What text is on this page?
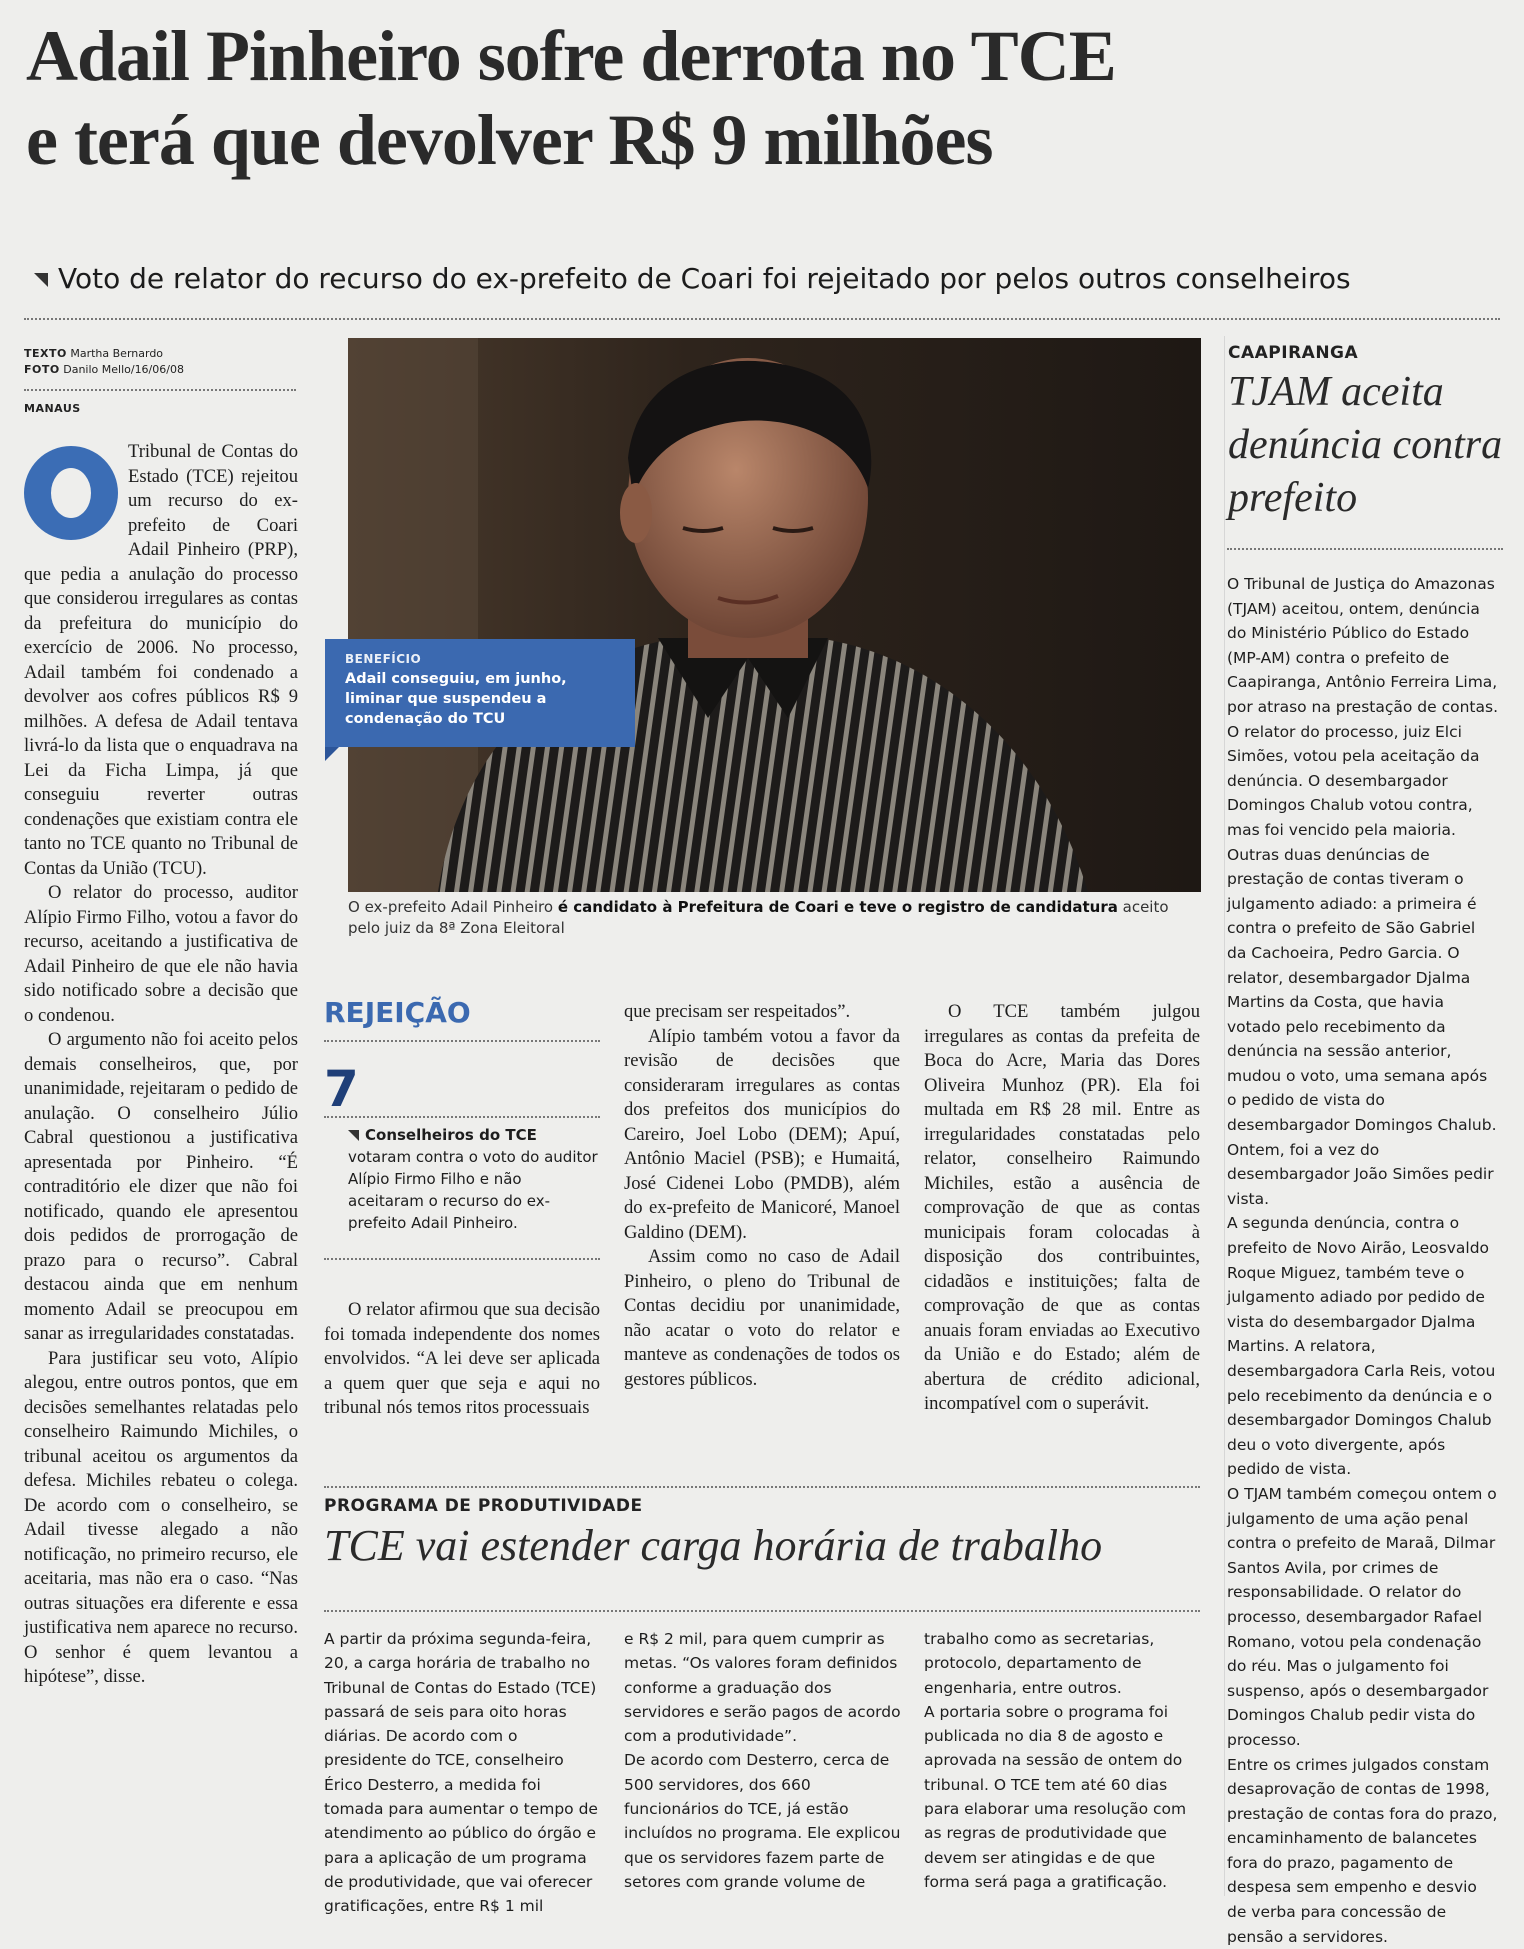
Adail Pinheiro sofre derrota no TCE
e terá que devolver R$ 9 milhões
Voto de relator do recurso do ex-prefeito de Coari foi rejeitado por pelos outros conselheiros
TEXTO Martha Bernardo
FOTO Danilo Mello/16/06/08
MANAUS

Tribunal de Contas do Estado (TCE) rejeitou um recurso do ex-prefeito de Coari Adail Pinheiro (PRP), que pedia a anulação do processo que considerou irregulares as contas da prefeitura do município do exercício de 2006. No processo, Adail também foi condenado a devolver aos cofres públicos R$ 9 milhões. A defesa de Adail tentava livrá-lo da lista que o enquadrava na Lei da Ficha Limpa, já que conseguiu reverter outras condenações que existiam contra ele tanto no TCE quanto no Tribunal de Contas da União (TCU).

O relator do processo, auditor Alípio Firmo Filho, votou a favor do recurso, aceitando a justificativa de Adail Pinheiro de que ele não havia sido notificado sobre a decisão que o condenou.

O argumento não foi aceito pelos demais conselheiros, que, por unanimidade, rejeitaram o pedido de anulação. O conselheiro Júlio Cabral questionou a justificativa apresentada por Pinheiro. “É contraditório ele dizer que não foi notificado, quando ele apresentou dois pedidos de prorrogação de prazo para o recurso”. Cabral destacou ainda que em nenhum momento Adail se preocupou em sanar as irregularidades constatadas.

Para justificar seu voto, Alípio alegou, entre outros pontos, que em decisões semelhantes relatadas pelo conselheiro Raimundo Michiles, o tribunal aceitou os argumentos da defesa. Michiles rebateu o colega. De acordo com o conselheiro, se Adail tivesse alegado a não notificação, no primeiro recurso, ele aceitaria, mas não era o caso. “Nas outras situações era diferente e essa justificativa nem aparece no recurso. O senhor é quem levantou a hipótese”, disse.

BENEFÍCIO
Adail conseguiu, em junho, liminar que suspendeu a condenação do TCU
O ex-prefeito Adail Pinheiro é candidato à Prefeitura de Coari e teve o registro de candidatura aceito pelo juiz da 8ª Zona Eleitoral
REJEIÇÃO
7
Conselheiros do TCE
votaram contra o voto do auditor Alípio Firmo Filho e não aceitaram o recurso do ex-prefeito Adail Pinheiro.

O relator afirmou que sua decisão foi tomada independente dos nomes envolvidos. “A lei deve ser aplicada a quem quer que seja e aqui no tribunal nós temos ritos processuais

que precisam ser respeitados”.

Alípio também votou a favor da revisão de decisões que consideraram irregulares as contas dos prefeitos dos municípios do Careiro, Joel Lobo (DEM); Apuí, Antônio Maciel (PSB); e Humaitá, José Cidenei Lobo (PMDB), além do ex-prefeito de Manicoré, Manoel Galdino (DEM).

Assim como no caso de Adail Pinheiro, o pleno do Tribunal de Contas decidiu por unanimidade, não acatar o voto do relator e manteve as condenações de todos os gestores públicos.

O TCE também julgou irregulares as contas da prefeita de Boca do Acre, Maria das Dores Oliveira Munhoz (PR). Ela foi multada em R$ 28 mil. Entre as irregularidades constatadas pelo relator, conselheiro Raimundo Michiles, estão a ausência de comprovação de que as contas municipais foram colocadas à disposição dos contribuintes, cidadãos e instituições; falta de comprovação de que as contas anuais foram enviadas ao Executivo da União e do Estado; além de abertura de crédito adicional, incompatível com o superávit.

PROGRAMA DE PRODUTIVIDADE
TCE vai estender carga horária de trabalho

A partir da próxima segunda-feira, 20, a carga horária de trabalho no Tribunal de Contas do Estado (TCE) passará de seis para oito horas diárias. De acordo com o presidente do TCE, conselheiro Érico Desterro, a medida foi tomada para aumentar o tempo de atendimento ao público do órgão e para a aplicação de um programa de produtividade, que vai oferecer gratificações, entre R$ 1 mil

e R$ 2 mil, para quem cumprir as metas. “Os valores foram definidos conforme a graduação dos servidores e serão pagos de acordo com a produtividade”.

De acordo com Desterro, cerca de 500 servidores, dos 660 funcionários do TCE, já estão incluídos no programa. Ele explicou que os servidores fazem parte de setores com grande volume de

trabalho como as secretarias, protocolo, departamento de engenharia, entre outros.

A portaria sobre o programa foi publicada no dia 8 de agosto e aprovada na sessão de ontem do tribunal. O TCE tem até 60 dias para elaborar uma resolução com as regras de produtividade que devem ser atingidas e de que forma será paga a gratificação.

CAAPIRANGA
TJAM aceita denúncia contra prefeito

O Tribunal de Justiça do Amazonas (TJAM) aceitou, ontem, denúncia do Ministério Público do Estado (MP-AM) contra o prefeito de Caapiranga, Antônio Ferreira Lima, por atraso na prestação de contas. O relator do processo, juiz Elci Simões, votou pela aceitação da denúncia. O desembargador Domingos Chalub votou contra, mas foi vencido pela maioria.

Outras duas denúncias de prestação de contas tiveram o julgamento adiado: a primeira é contra o prefeito de São Gabriel da Cachoeira, Pedro Garcia. O relator, desembargador Djalma Martins da Costa, que havia votado pelo recebimento da denúncia na sessão anterior, mudou o voto, uma semana após o pedido de vista do desembargador Domingos Chalub. Ontem, foi a vez do desembargador João Simões pedir vista.

A segunda denúncia, contra o prefeito de Novo Airão, Leosvaldo Roque Miguez, também teve o julgamento adiado por pedido de vista do desembargador Djalma Martins. A relatora, desembargadora Carla Reis, votou pelo recebimento da denúncia e o desembargador Domingos Chalub deu o voto divergente, após pedido de vista.

O TJAM também começou ontem o julgamento de uma ação penal contra o prefeito de Maraã, Dilmar Santos Avila, por crimes de responsabilidade. O relator do processo, desembargador Rafael Romano, votou pela condenação do réu. Mas o julgamento foi suspenso, após o desembargador Domingos Chalub pedir vista do processo.

Entre os crimes julgados constam desaprovação de contas de 1998, prestação de contas fora do prazo, encaminhamento de balancetes fora do prazo, pagamento de despesa sem empenho e desvio de verba para concessão de pensão a servidores.
